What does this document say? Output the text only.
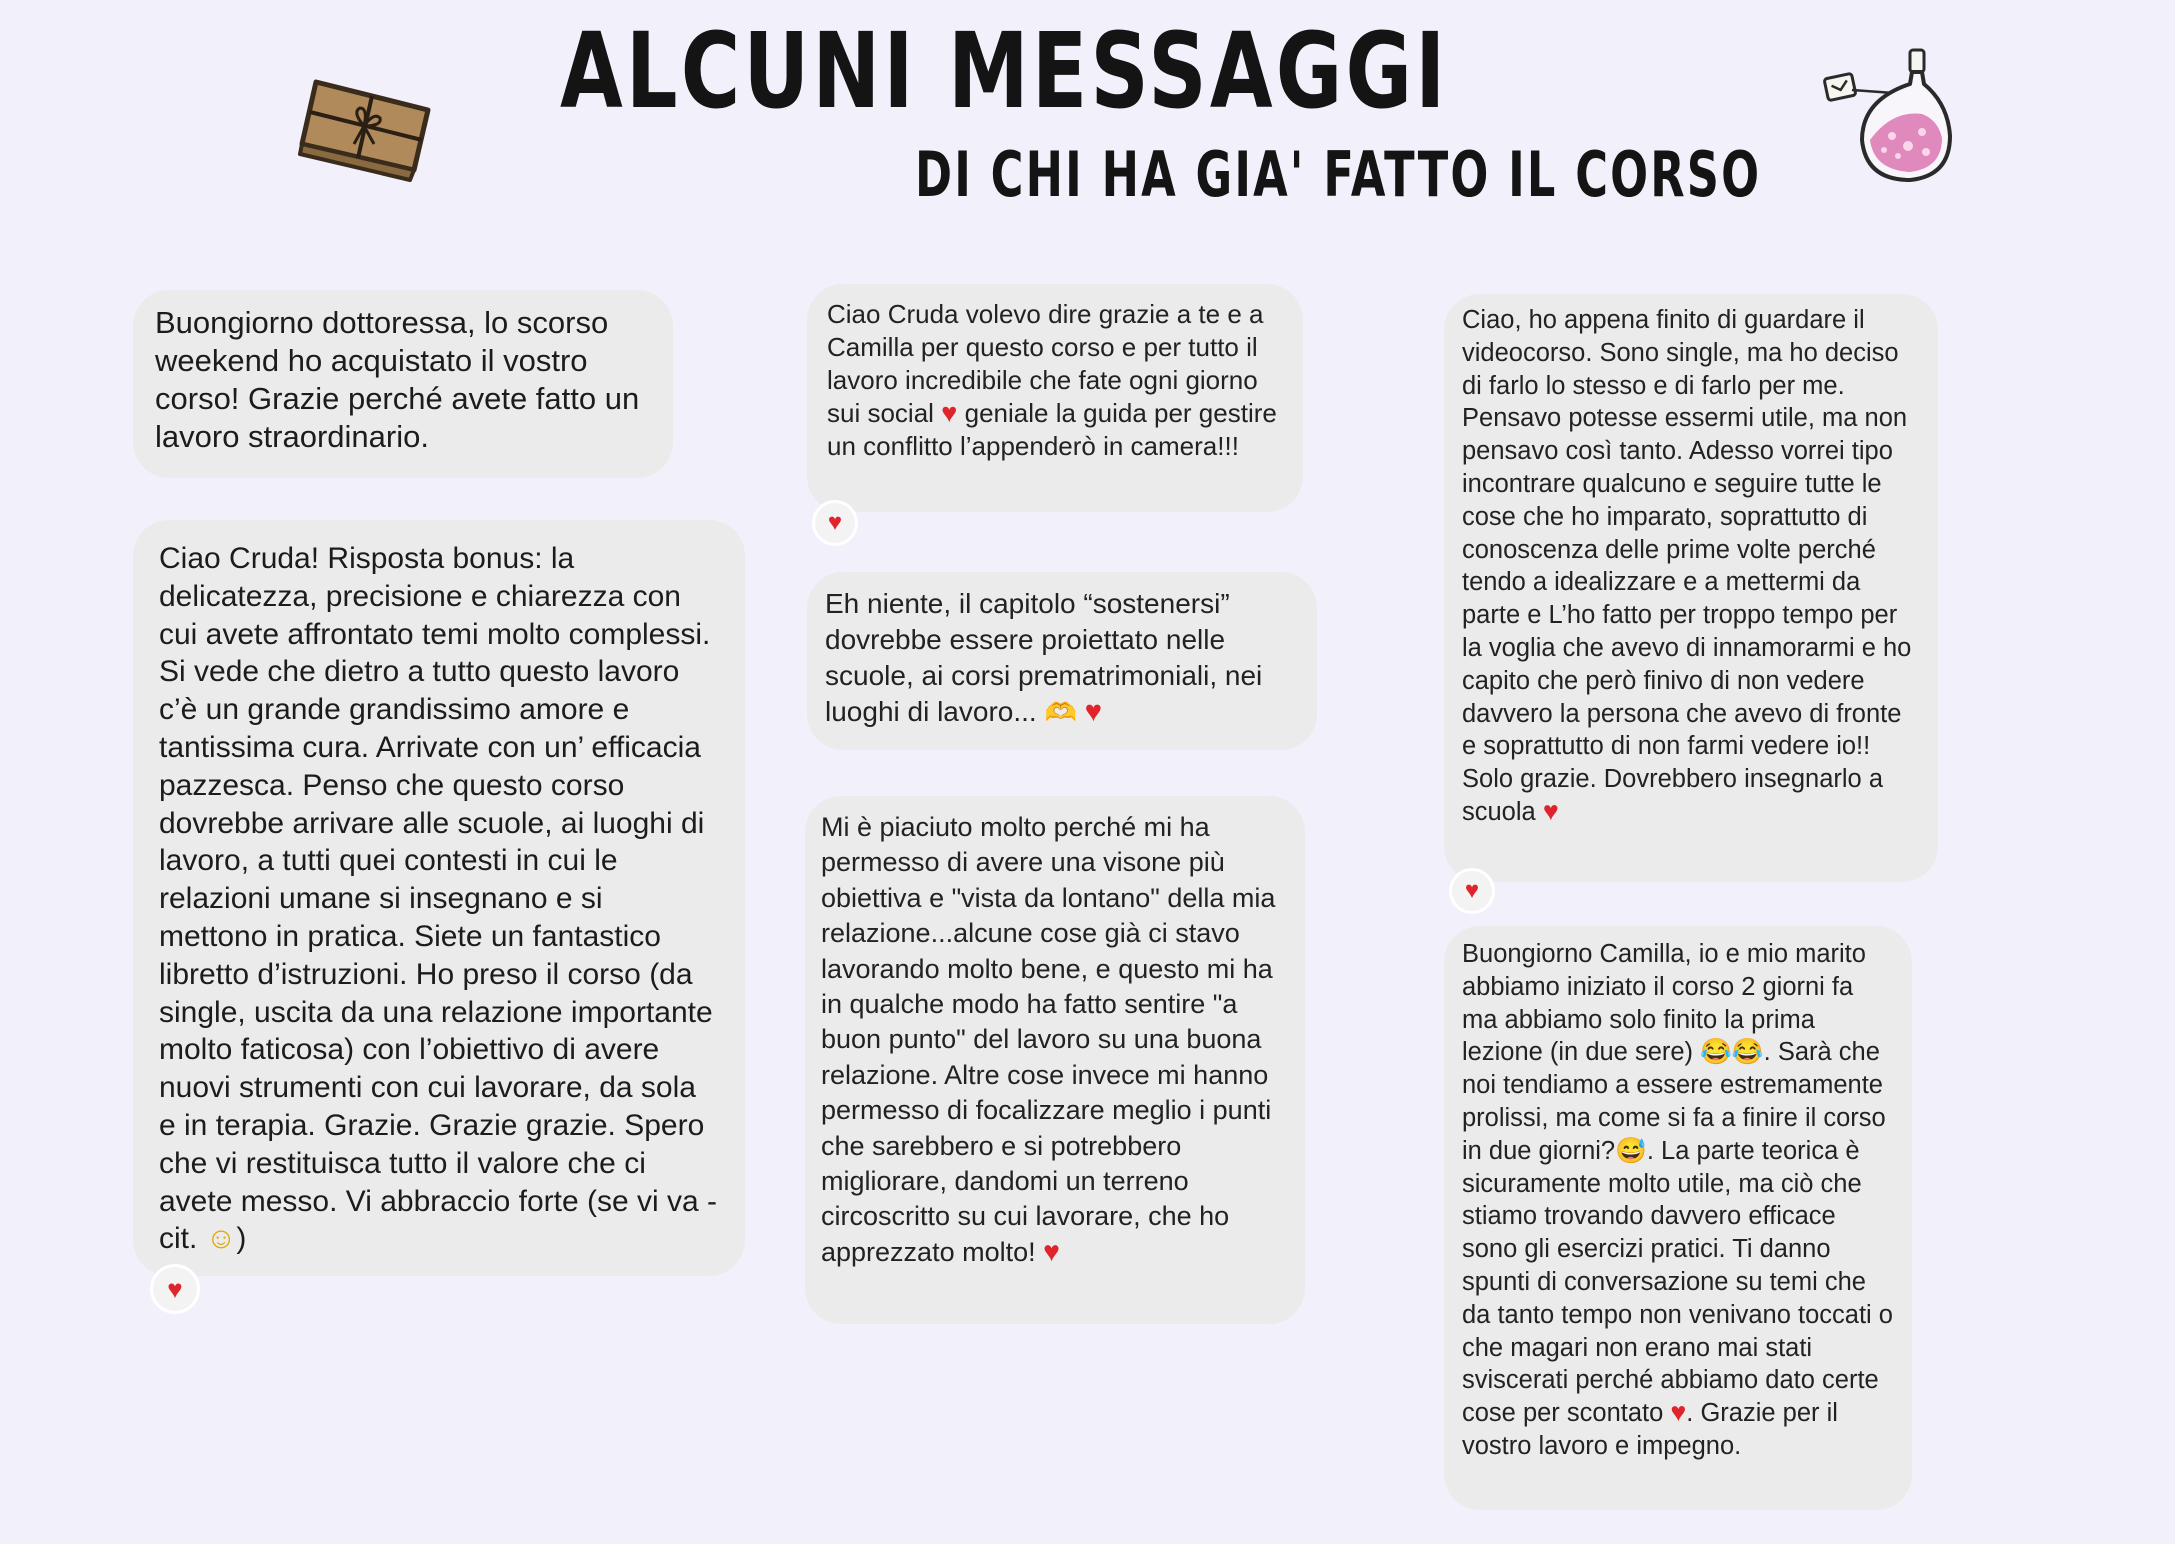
ALCUNI MESSAGGI
DI CHI HA GIA' FATTO IL CORSO

Buongiorno dottoressa, lo scorso weekend ho acquistato il vostro corso! Grazie perché avete fatto un lavoro straordinario.

Ciao Cruda! Risposta bonus: la delicatezza, precisione e chiarezza con cui avete affrontato temi molto complessi. Si vede che dietro a tutto questo lavoro c’è un grande grandissimo amore e tantissima cura. Arrivate con un’ efficacia pazzesca. Penso che questo corso dovrebbe arrivare alle scuole, ai luoghi di lavoro, a tutti quei contesti in cui le relazioni umane si insegnano e si mettono in pratica. Siete un fantastico libretto d’istruzioni. Ho preso il corso (da single, uscita da una relazione importante molto faticosa) con l’obiettivo di avere nuovi strumenti con cui lavorare, da sola e in terapia. Grazie. Grazie grazie. Spero che vi restituisca tutto il valore che ci avete messo. Vi abbraccio forte (se vi va - cit. ☺)

♥

Ciao Cruda volevo dire grazie a te e a Camilla per questo corso e per tutto il lavoro incredibile che fate ogni giorno sui social ♥ geniale la guida per gestire un conflitto l’appenderò in camera!!!

♥

Eh niente, il capitolo “sostenersi” dovrebbe essere proiettato nelle scuole, ai corsi prematrimoniali, nei luoghi di lavoro... 🫶 ♥

Mi è piaciuto molto perché mi ha permesso di avere una visone più obiettiva e "vista da lontano" della mia relazione...alcune cose già ci stavo lavorando molto bene, e questo mi ha in qualche modo ha fatto sentire "a buon punto" del lavoro su una buona relazione. Altre cose invece mi hanno permesso di focalizzare meglio i punti che sarebbero e si potrebbero migliorare, dandomi un terreno circoscritto su cui lavorare, che ho apprezzato molto! ♥

Ciao, ho appena finito di guardare il videocorso. Sono single, ma ho deciso di farlo lo stesso e di farlo per me. Pensavo potesse essermi utile, ma non pensavo così tanto. Adesso vorrei tipo incontrare qualcuno e seguire tutte le cose che ho imparato, soprattutto di conoscenza delle prime volte perché tendo a idealizzare e a mettermi da parte e L’ho fatto per troppo tempo per la voglia che avevo di innamorarmi e ho capito che però finivo di non vedere davvero la persona che avevo di fronte e soprattutto di non farmi vedere io!! Solo grazie. Dovrebbero insegnarlo a scuola ♥

♥

Buongiorno Camilla, io e mio marito abbiamo iniziato il corso 2 giorni fa ma abbiamo solo finito la prima lezione (in due sere) 😂😂. Sarà che noi tendiamo a essere estremamente prolissi, ma come si fa a finire il corso in due giorni?😅. La parte teorica è sicuramente molto utile, ma ciò che stiamo trovando davvero efficace sono gli esercizi pratici. Ti danno spunti di conversazione su temi che da tanto tempo non venivano toccati o che magari non erano mai stati sviscerati perché abbiamo dato certe cose per scontato ♥. Grazie per il vostro lavoro e impegno.
